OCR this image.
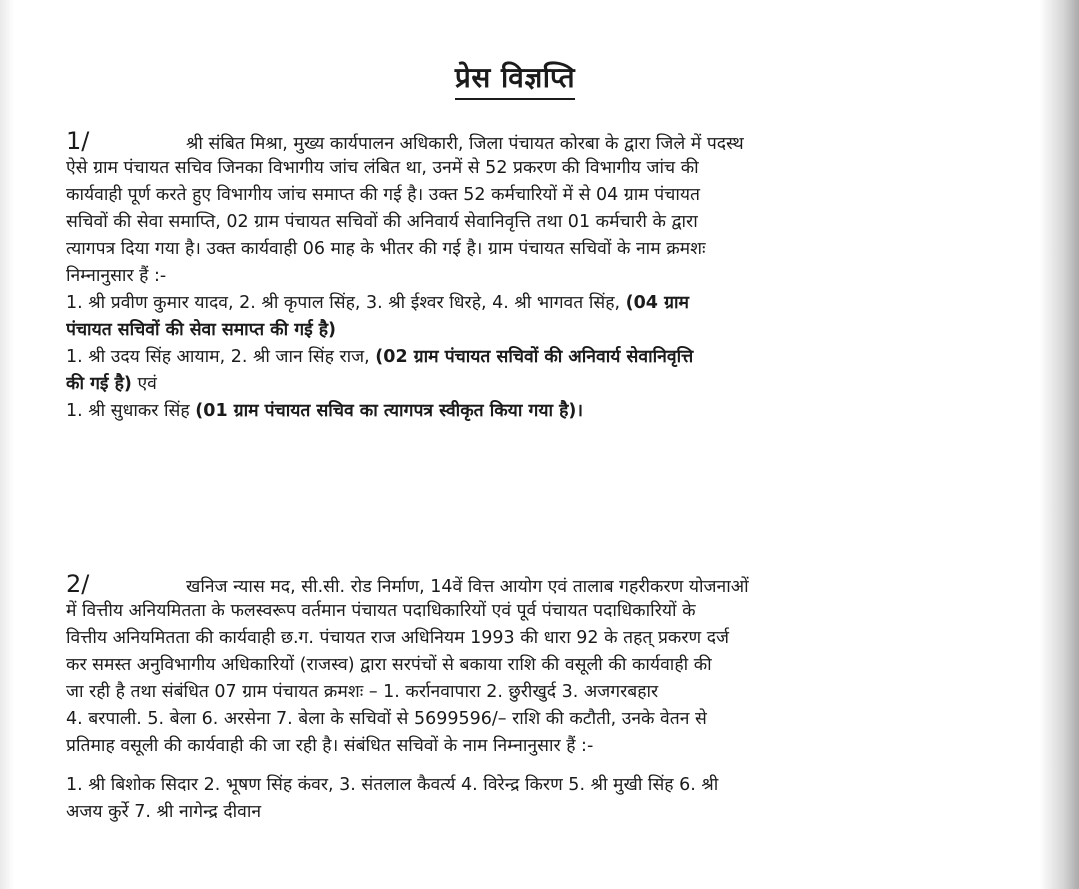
प्रेस विज्ञप्ति
1/	श्री संबित मिश्रा, मुख्य कार्यपालन अधिकारी, जिला पंचायत कोरबा के द्वारा जिले में पदस्थ
ऐसे ग्राम पंचायत सचिव जिनका विभागीय जांच लंबित था, उनमें से 52 प्रकरण की विभागीय जांच की
कार्यवाही पूर्ण करते हुए विभागीय जांच समाप्त की गई है। उक्त 52 कर्मचारियों में से 04 ग्राम पंचायत
सचिवों की सेवा समाप्ति, 02 ग्राम पंचायत सचिवों की अनिवार्य सेवानिवृत्ति तथा 01 कर्मचारी के द्वारा
त्यागपत्र दिया गया है। उक्त कार्यवाही 06 माह के भीतर की गई है। ग्राम पंचायत सचिवों के नाम क्रमशः
निम्नानुसार हैं :-
1. श्री प्रवीण कुमार यादव, 2. श्री कृपाल सिंह, 3. श्री ईश्वर धिरहे, 4. श्री भागवत सिंह, (04 ग्राम
पंचायत सचिवों की सेवा समाप्त की गई है)
1. श्री उदय सिंह आयाम, 2. श्री जान सिंह राज, (02 ग्राम पंचायत सचिवों की अनिवार्य सेवानिवृत्ति
की गई है) एवं
1. श्री सुधाकर सिंह (01 ग्राम पंचायत सचिव का त्यागपत्र स्वीकृत किया गया है)।
2/	खनिज न्यास मद, सी.सी. रोड निर्माण, 14वें वित्त आयोग एवं तालाब गहरीकरण योजनाओं
में वित्तीय अनियमितता के फलस्वरूप वर्तमान पंचायत पदाधिकारियों एवं पूर्व पंचायत पदाधिकारियों के
वित्तीय अनियमितता की कार्यवाही छ.ग. पंचायत राज अधिनियम 1993 की धारा 92 के तहत् प्रकरण दर्ज
कर समस्त अनुविभागीय अधिकारियों (राजस्व) द्वारा सरपंचों से बकाया राशि की वसूली की कार्यवाही की
जा रही है तथा संबंधित 07 ग्राम पंचायत क्रमशः – 1. कर्रानवापारा 2. छुरीखुर्द 3. अजगरबहार
4. बरपाली. 5. बेला 6. अरसेना 7. बेला के सचिवों से 5699596/– राशि की कटौती, उनके वेतन से
प्रतिमाह वसूली की कार्यवाही की जा रही है। संबंधित सचिवों के नाम निम्नानुसार हैं :-
1. श्री बिशोक सिदार 2. भूषण सिंह कंवर, 3. संतलाल कैवर्त्य 4. विरेन्द्र किरण 5. श्री मुखी सिंह 6. श्री
अजय कुर्रे 7. श्री नागेन्द्र दीवान
